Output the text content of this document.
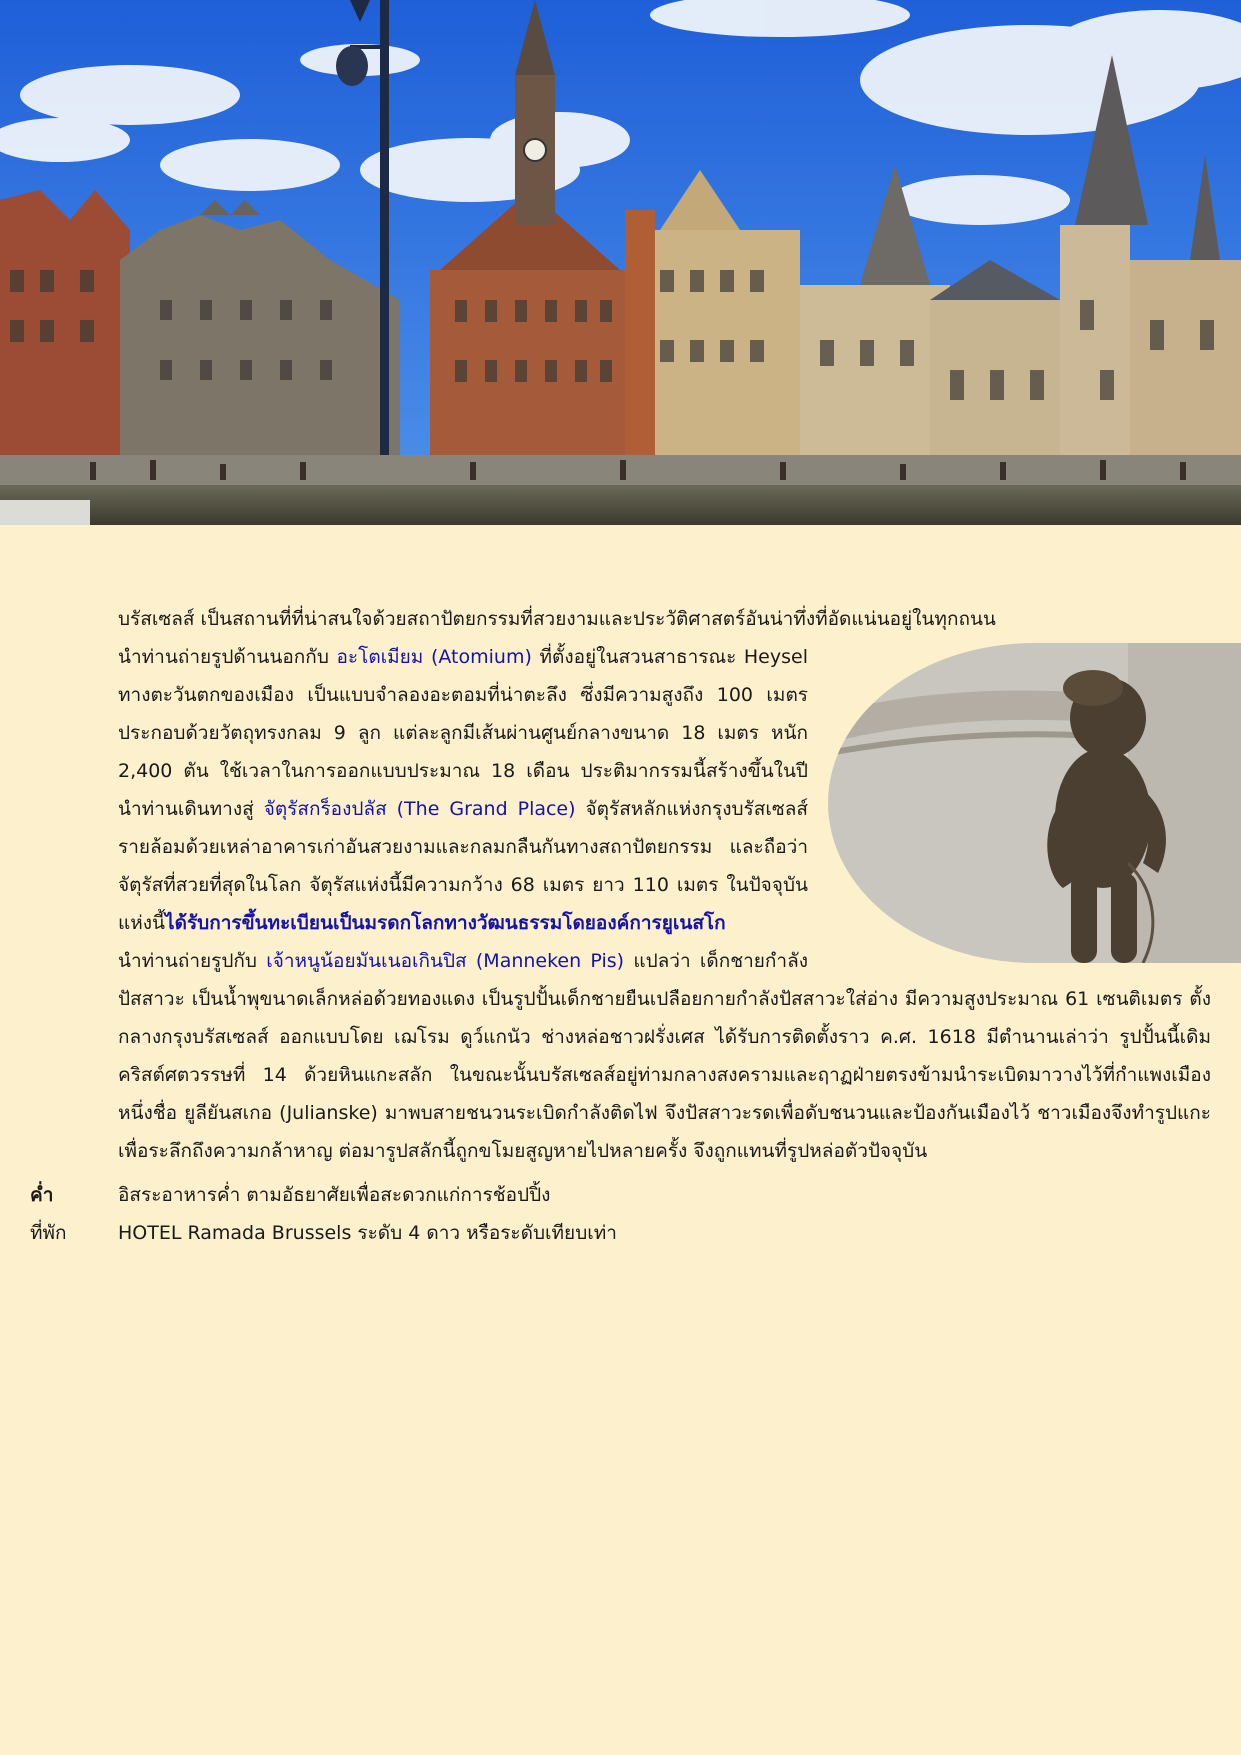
บรัสเซลส์ เป็นสถานที่ที่น่าสนใจด้วยสถาปัตยกรรมที่สวยงามและประวัติศาสตร์อันน่าทึ่งที่อัดแน่นอยู่ในทุกถนน
นำท่านถ่ายรูปด้านนอกกับ อะโตเมียม (Atomium) ที่ตั้งอยู่ในสวนสาธารณะ Heysel
ทางตะวันตกของเมือง เป็นแบบจำลองอะตอมที่น่าตะลึง ซึ่งมีความสูงถึง 100 เมตร
ประกอบด้วยวัตถุทรงกลม 9 ลูก แต่ละลูกมีเส้นผ่านศูนย์กลางขนาด 18 เมตร หนัก
2,400 ตัน ใช้เวลาในการออกแบบประมาณ 18 เดือน ประติมากรรมนี้สร้างขึ้นในปี
นำท่านเดินทางสู่ จัตุรัสกร็องปลัส (The Grand Place) จัตุรัสหลักแห่งกรุงบรัสเซลส์
รายล้อมด้วยเหล่าอาคารเก่าอันสวยงามและกลมกลืนกันทางสถาปัตยกรรม และถือว่า
จัตุรัสที่สวยที่สุดในโลก จัตุรัสแห่งนี้มีความกว้าง 68 เมตร ยาว 110 เมตร ในปัจจุบัน
แห่งนี้ได้รับการขึ้นทะเบียนเป็นมรดกโลกทางวัฒนธรรมโดยองค์การยูเนสโก
นำท่านถ่ายรูปกับ เจ้าหนูน้อยมันเนอเกินปิส (Manneken Pis) แปลว่า เด็กชายกำลัง
ปัสสาวะ เป็นน้ำพุขนาดเล็กหล่อด้วยทองแดง เป็นรูปปั้นเด็กชายยืนเปลือยกายกำลังปัสสาวะใส่อ่าง มีความสูงประมาณ 61 เซนติเมตร ตั้ง
กลางกรุงบรัสเซลส์ ออกแบบโดย เฌโรม ดูว์แกนัว ช่างหล่อชาวฝรั่งเศส ได้รับการติดตั้งราว ค.ศ. 1618 มีตำนานเล่าว่า รูปปั้นนี้เดิม
คริสต์ศตวรรษที่ 14 ด้วยหินแกะสลัก ในขณะนั้นบรัสเซลส์อยู่ท่ามกลางสงครามและฤาฏฝ่ายตรงข้ามนำระเบิดมาวางไว้ที่กำแพงเมือง
หนึ่งชื่อ ยูลียันสเกอ (Julianske) มาพบสายชนวนระเบิดกำลังติดไฟ จึงปัสสาวะรดเพื่อดับชนวนและป้องกันเมืองไว้ ชาวเมืองจึงทำรูปแกะ
เพื่อระลึกถึงความกล้าหาญ ต่อมารูปสลักนี้ถูกขโมยสูญหายไปหลายครั้ง จึงถูกแทนที่รูปหล่อตัวปัจจุบัน
ค่ำ	อิสระอาหารค่ำ ตามอัธยาศัยเพื่อสะดวกแก่การช้อปปิ้ง
ที่พัก	HOTEL Ramada Brussels ระดับ 4 ดาว หรือระดับเทียบเท่า
